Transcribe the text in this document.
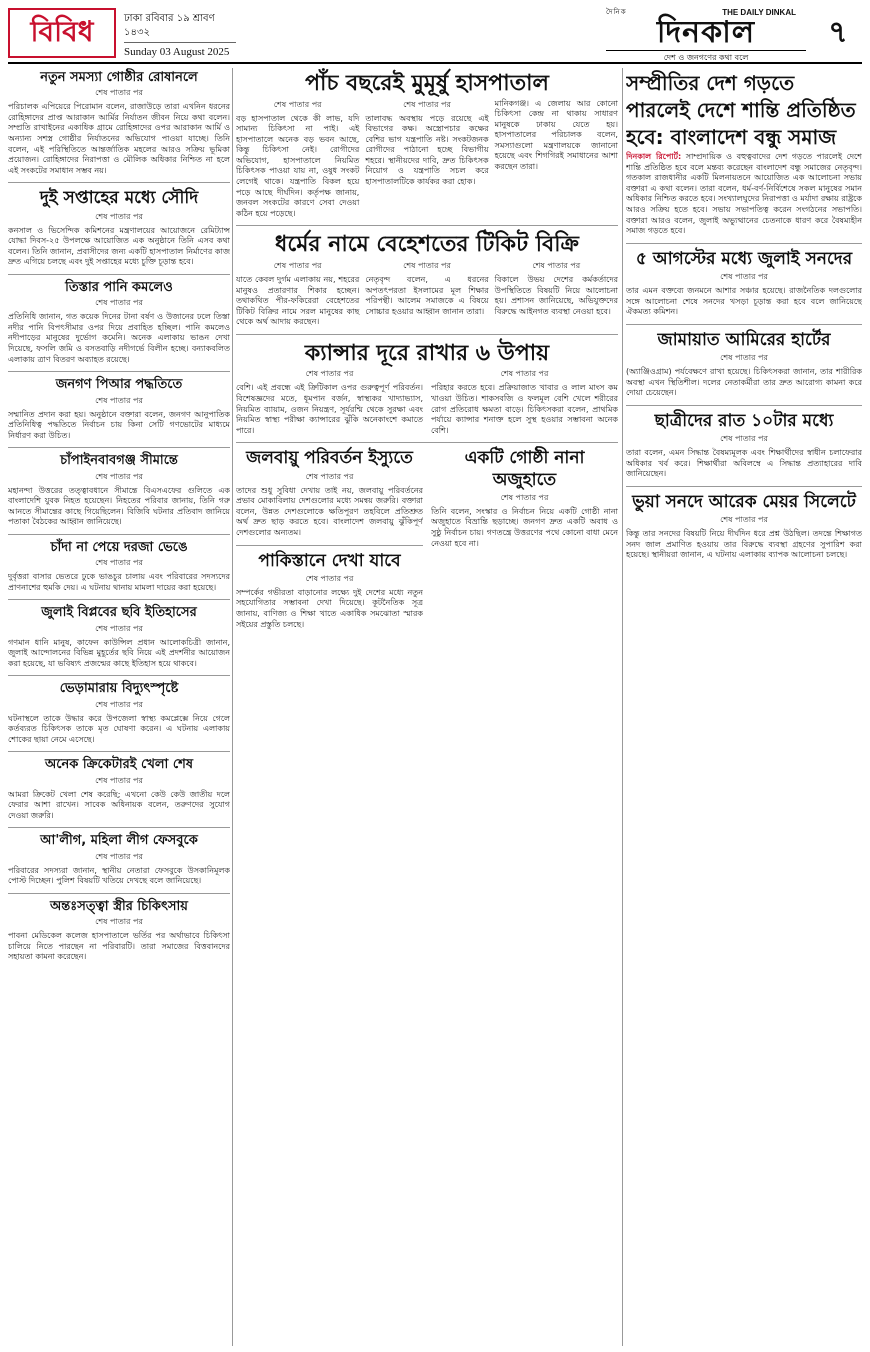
বিবিধ	ঢাকা রবিবার ১৯ শ্রাবণ ১৪৩২
Sunday 03 August 2025
দৈনিক	THE DAILY DINKAL
দিনকাল
দেশ ও জনগণের কথা বলে
৭
নতুন সমস্যা গোষ্ঠীর রোষানলে
শেষ পাতার পর
পরিচালক এপিয়েরে পিরোমান বলেন, রাজাউড়ে তারা এখনিন ধরনের রোহিঙ্গাদের প্রাপ্ত আরাকান আর্মির নির্যাতন জীবন নিয়ে কথা বলেন। সম্প্রতি রাখাইনের একাধিক গ্রামে রোহিঙ্গাদের ওপর আরাকান আর্মি ও অন্যান্য সশস্ত্র গোষ্ঠীর নির্যাতনের অভিযোগ পাওয়া যাচ্ছে। তিনি বলেন, এই পরিস্থিতিতে আন্তর্জাতিক মহলের আরও সক্রিয় ভূমিকা প্রয়োজন। রোহিঙ্গাদের নিরাপত্তা ও মৌলিক অধিকার নিশ্চিত না হলে এই সংকটের সমাধান সম্ভব নয়।
দুই সপ্তাহের মধ্যে সৌদি
শেষ পাতার পর
কনসাল ও ভিসেন্দিক কমিশনের মন্ত্রণালয়ের আয়োজনে রেমিট্যান্স যোদ্ধা দিবস-২৫ উপলক্ষে আয়োজিত এক অনুষ্ঠানে তিনি এসব কথা বলেন। তিনি জানান, প্রবাসীদের জন্য একটি হাসপাতাল নির্মাণের কাজ দ্রুত এগিয়ে চলছে এবং দুই সপ্তাহের মধ্যে চুক্তি চূড়ান্ত হবে।
তিস্তার পানি কমলেও
শেষ পাতার পর
প্রতিনিধি জানান, গত কয়েক দিনের টানা বর্ষণ ও উজানের ঢলে তিস্তা নদীর পানি বিপৎসীমার ওপর দিয়ে প্রবাহিত হচ্ছিল। পানি কমলেও নদীপাড়ের মানুষের দুর্ভোগ কমেনি। অনেক এলাকায় ভাঙন দেখা দিয়েছে, ফসলি জমি ও বসতবাড়ি নদীগর্ভে বিলীন হচ্ছে। বন্যাকবলিত এলাকায় ত্রাণ বিতরণ অব্যাহত রয়েছে।
জনগণ পিআর পদ্ধতিতে
শেষ পাতার পর
সম্মানিত প্রদান করা হয়। অনুষ্ঠানে বক্তারা বলেন, জনগণ আনুপাতিক প্রতিনিধিত্ব পদ্ধতিতে নির্বাচন চায় কিনা সেটি গণভোটের মাধ্যমে নির্ধারণ করা উচিত।
চাঁপাইনবাবগঞ্জ সীমান্তে
শেষ পাতার পর
মহানন্দা উত্তরের তত্ত্বাবধানে সীমান্তে বিএসএফের গুলিতে এক বাংলাদেশি যুবক নিহত হয়েছেন। নিহতের পরিবার জানায়, তিনি গরু আনতে সীমান্তের কাছে গিয়েছিলেন। বিজিবি ঘটনার প্রতিবাদ জানিয়ে পতাকা বৈঠকের আহ্বান জানিয়েছে।
চাঁদা না পেয়ে দরজা ভেঙে
শেষ পাতার পর
দুর্বৃত্তরা বাসার ভেতরে ঢুকে ভাঙচুর চালায় এবং পরিবারের সদস্যদের প্রাণনাশের হুমকি দেয়। এ ঘটনায় থানায় মামলা দায়ের করা হয়েছে।
জুলাই বিপ্লবের ছবি ইতিহাসের
শেষ পাতার পর
গণমান ধানি মানুষ, কাফেন কাউন্সিল প্রধান আলোকচিত্রী জানান, জুলাই আন্দোলনের বিভিন্ন মুহূর্তের ছবি নিয়ে এই প্রদর্শনীর আয়োজন করা হয়েছে, যা ভবিষ্যৎ প্রজন্মের কাছে ইতিহাস হয়ে থাকবে।
ভেড়ামারায় বিদ্যুৎস্পৃষ্টে
শেষ পাতার পর
ঘটনাস্থলে তাকে উদ্ধার করে উপজেলা স্বাস্থ্য কমপ্লেক্সে নিয়ে গেলে কর্তব্যরত চিকিৎসক তাকে মৃত ঘোষণা করেন। এ ঘটনায় এলাকায় শোকের ছায়া নেমে এসেছে।
অনেক ক্রিকেটারই খেলা শেষ
শেষ পাতার পর
আমরা ক্রিকেট খেলা শেষ করেছি; এখনো কেউ কেউ জাতীয় দলে ফেরার আশা রাখেন। সাবেক অধিনায়ক বলেন, তরুণদের সুযোগ দেওয়া জরুরি।
আ'লীগ, মহিলা লীগ ফেসবুকে
শেষ পাতার পর
পরিবারের সদস্যরা জানান, স্থানীয় নেতারা ফেসবুকে উসকানিমূলক পোস্ট দিচ্ছেন। পুলিশ বিষয়টি খতিয়ে দেখছে বলে জানিয়েছে।
অন্তঃসত্ত্বা স্ত্রীর চিকিৎসায়
শেষ পাতার পর
পাবনা মেডিকেল কলেজ হাসপাতালে ভর্তির পর অর্থাভাবে চিকিৎসা চালিয়ে নিতে পারছেন না পরিবারটি। তারা সমাজের বিত্তবানদের সহায়তা কামনা করেছেন।
পাঁচ বছরেই মুমূর্ষু হাসপাতাল
শেষ পাতার পর
বড় হাসপাতাল থেকে কী লাভ, যদি সামান্য চিকিৎসা না পাই। এই হাসপাতালে অনেক বড় ভবন আছে, কিন্তু চিকিৎসা নেই। রোগীদের অভিযোগ, হাসপাতালে নিয়মিত চিকিৎসক পাওয়া যায় না, ওষুধ সংকট লেগেই থাকে। যন্ত্রপাতি বিকল হয়ে পড়ে আছে দীর্ঘদিন। কর্তৃপক্ষ জানায়, জনবল সংকটের কারণে সেবা দেওয়া কঠিন হয়ে পড়েছে।
শেষ পাতার পর
তালাবদ্ধ অবস্থায় পড়ে রয়েছে এই বিভাগের কক্ষ। অস্ত্রোপচার কক্ষের বেশির ভাগ যন্ত্রপাতি নষ্ট। সংকটজনক রোগীদের পাঠানো হচ্ছে বিভাগীয় শহরে। স্থানীয়দের দাবি, দ্রুত চিকিৎসক নিয়োগ ও যন্ত্রপাতি সচল করে হাসপাতালটিকে কার্যকর করা হোক।
মানিকগঞ্জ। এ জেলায় আর কোনো চিকিৎসা কেন্দ্র না থাকায় সাধারণ মানুষকে ঢাকায় যেতে হয়। হাসপাতালের পরিচালক বলেন, সমস্যাগুলো মন্ত্রণালয়কে জানানো হয়েছে এবং শিগগিরই সমাধানের আশা করছেন তারা।
ধর্মের নামে বেহেশতের টিকিট বিক্রি
শেষ পাতার পর
যাতে কেবল দুর্গম এলাকায় নয়, শহরের মানুষও প্রতারণার শিকার হচ্ছেন। তথাকথিত পীর-ফকিরেরা বেহেশতের টিকিট বিক্রির নামে সরল মানুষের কাছ থেকে অর্থ আদায় করছেন।
শেষ পাতার পর
নেতৃবৃন্দ বলেন, এ ধরনের অপতৎপরতা ইসলামের মূল শিক্ষার পরিপন্থী। আলেম সমাজকে এ বিষয়ে সোচ্চার হওয়ার আহ্বান জানান তারা।
শেষ পাতার পর
বিকালে উভয় দেশের কর্মকর্তাদের উপস্থিতিতে বিষয়টি নিয়ে আলোচনা হয়। প্রশাসন জানিয়েছে, অভিযুক্তদের বিরুদ্ধে আইনগত ব্যবস্থা নেওয়া হবে।
ক্যান্সার দূরে রাখার ৬ উপায়
শেষ পাতার পর
বেশি। এই প্রবন্ধে এই ক্রিটিকাল ওপর গুরুত্বপূর্ণ পরিবর্তন। বিশেষজ্ঞদের মতে, ধূমপান বর্জন, স্বাস্থ্যকর খাদ্যাভ্যাস, নিয়মিত ব্যায়াম, ওজন নিয়ন্ত্রণ, সূর্যরশ্মি থেকে সুরক্ষা এবং নিয়মিত স্বাস্থ্য পরীক্ষা ক্যান্সারের ঝুঁকি অনেকাংশে কমাতে পারে।
শেষ পাতার পর
পরিহার করতে হবে। প্রক্রিয়াজাত খাবার ও লাল মাংস কম খাওয়া উচিত। শাকসবজি ও ফলমূল বেশি খেলে শরীরের রোগ প্রতিরোধ ক্ষমতা বাড়ে। চিকিৎসকরা বলেন, প্রাথমিক পর্যায়ে ক্যান্সার শনাক্ত হলে সুস্থ হওয়ার সম্ভাবনা অনেক বেশি।
জলবায়ু পরিবর্তন ইস্যুতে
শেষ পাতার পর
তাদের শুধু সুবিধা দেখায় তাই নয়, জলবায়ু পরিবর্তনের প্রভাব মোকাবিলায় দেশগুলোর মধ্যে সমন্বয় জরুরি। বক্তারা বলেন, উন্নত দেশগুলোকে ক্ষতিপূরণ তহবিলে প্রতিশ্রুত অর্থ দ্রুত ছাড় করতে হবে। বাংলাদেশ জলবায়ু ঝুঁকিপূর্ণ দেশগুলোর অন্যতম।
পাকিস্তানে দেখা যাবে
শেষ পাতার পর
সম্পর্কের গভীরতা বাড়ানোর লক্ষ্যে দুই দেশের মধ্যে নতুন সহযোগিতার সম্ভাবনা দেখা দিয়েছে। কূটনৈতিক সূত্র জানায়, বাণিজ্য ও শিক্ষা খাতে একাধিক সমঝোতা স্মারক সইয়ের প্রস্তুতি চলছে।
একটি গোষ্ঠী নানা অজুহাতে
শেষ পাতার পর
তিনি বলেন, সংস্কার ও নির্বাচন নিয়ে একটি গোষ্ঠী নানা অজুহাতে বিভ্রান্তি ছড়াচ্ছে। জনগণ দ্রুত একটি অবাধ ও সুষ্ঠু নির্বাচন চায়। গণতন্ত্রে উত্তরণের পথে কোনো বাধা মেনে নেওয়া হবে না।
সম্প্রীতির দেশ গড়তে পারলেই দেশে শান্তি প্রতিষ্ঠিত হবে: বাংলাদেশ বন্ধু সমাজ
দিনকাল রিপোর্ট: সাম্প্রদায়িক ও বহুত্ববাদের দেশ গড়তে পারলেই দেশে শান্তি প্রতিষ্ঠিত হবে বলে মন্তব্য করেছেন বাংলাদেশ বন্ধু সমাজের নেতৃবৃন্দ। গতকাল রাজধানীর একটি মিলনায়তনে আয়োজিত এক আলোচনা সভায় বক্তারা এ কথা বলেন। তারা বলেন, ধর্ম-বর্ণ-নির্বিশেষে সকল মানুষের সমান অধিকার নিশ্চিত করতে হবে। সংখ্যালঘুদের নিরাপত্তা ও মর্যাদা রক্ষায় রাষ্ট্রকে আরও সক্রিয় হতে হবে। সভায় সভাপতিত্ব করেন সংগঠনের সভাপতি। বক্তারা আরও বলেন, জুলাই অভ্যুত্থানের চেতনাকে ধারণ করে বৈষম্যহীন সমাজ গড়তে হবে।
৫ আগস্টের মধ্যে জুলাই সনদের
শেষ পাতার পর
তার এমন বক্তব্যে জনমনে আশার সঞ্চার হয়েছে। রাজনৈতিক দলগুলোর সঙ্গে আলোচনা শেষে সনদের খসড়া চূড়ান্ত করা হবে বলে জানিয়েছে ঐকমত্য কমিশন।
জামায়াত আমিরের হার্টের
শেষ পাতার পর
(অ্যাঞ্জিওগ্রাম) পর্যবেক্ষণে রাখা হয়েছে। চিকিৎসকরা জানান, তার শারীরিক অবস্থা এখন স্থিতিশীল। দলের নেতাকর্মীরা তার দ্রুত আরোগ্য কামনা করে দোয়া চেয়েছেন।
ছাত্রীদের রাত ১০টার মধ্যে
শেষ পাতার পর
তারা বলেন, এমন সিদ্ধান্ত বৈষম্যমূলক এবং শিক্ষার্থীদের স্বাধীন চলাফেরার অধিকার খর্ব করে। শিক্ষার্থীরা অবিলম্বে এ সিদ্ধান্ত প্রত্যাহারের দাবি জানিয়েছেন।
ভুয়া সনদে আরেক মেয়র সিলেটে
শেষ পাতার পর
কিন্তু তার সনদের বিষয়টি নিয়ে দীর্ঘদিন ধরে প্রশ্ন উঠছিল। তদন্তে শিক্ষাগত সনদ জাল প্রমাণিত হওয়ায় তার বিরুদ্ধে ব্যবস্থা গ্রহণের সুপারিশ করা হয়েছে। স্থানীয়রা জানান, এ ঘটনায় এলাকায় ব্যাপক আলোচনা চলছে।
